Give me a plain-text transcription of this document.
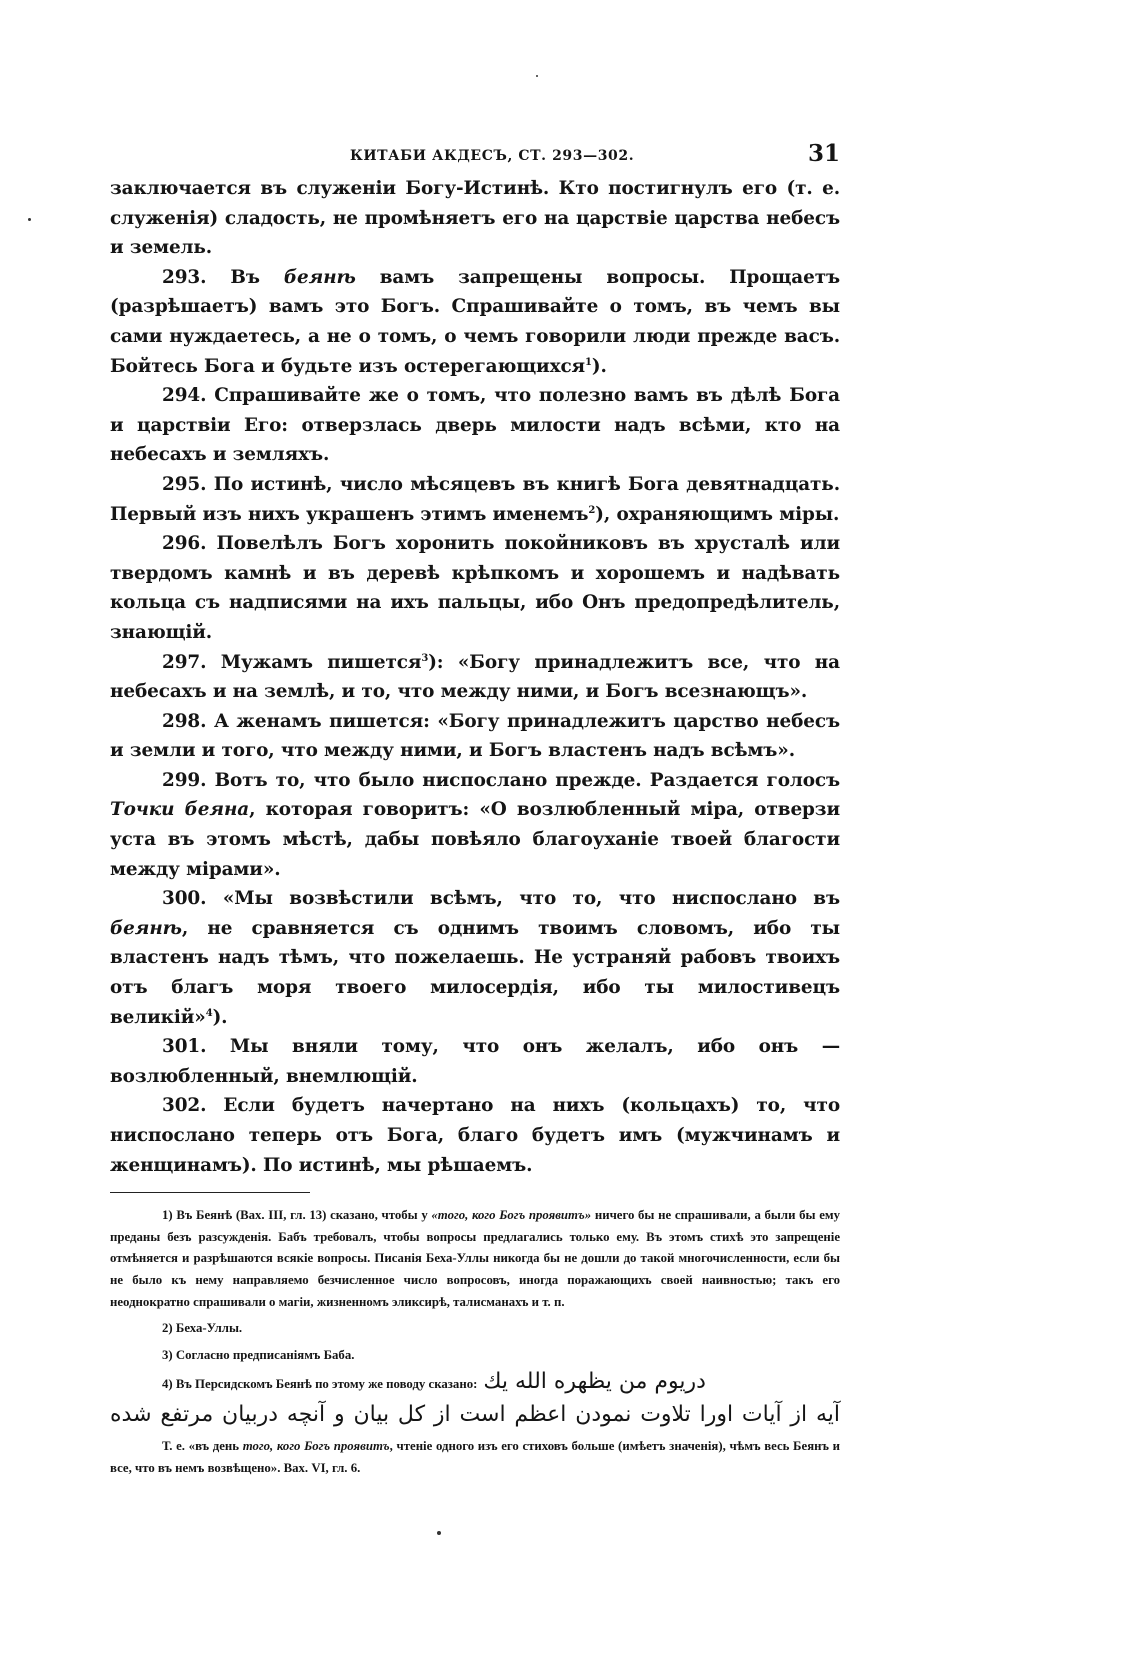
КИТАБИ АКДЕСЪ, СТ. 293—302.	31

заключается въ служенiи Богу-Истинѣ. Кто постигнулъ его (т. е. служенія) сладость, не промѣняетъ его на царствіе царства небесъ и земель.

293. Въ беянѣ вамъ запрещены вопросы. Прощаетъ (разрѣшаетъ) вамъ это Богъ. Спрашивайте о томъ, въ чемъ вы сами нуждаетесь, а не о томъ, о чемъ говорили люди прежде васъ. Бойтесь Бога и будьте изъ остерегающихся$^1$).

294. Спрашивайте же о томъ, что полезно вамъ въ дѣлѣ Бога и царствіи Его: отверзлась дверь милости надъ всѣми, кто на небесахъ и земляхъ.

295. По истинѣ, число мѣсяцевъ въ книгѣ Бога девятнадцать. Первый изъ нихъ украшенъ этимъ именемъ$^2$), охраняющимъ міры.

296. Повелѣлъ Богъ хоронить покойниковъ въ хрусталѣ или твердомъ камнѣ и въ деревѣ крѣпкомъ и хорошемъ и надѣвать кольца съ надписями на ихъ пальцы, ибо Онъ предопредѣлитель, знающій.

297. Мужамъ пишется$^3$): «Богу принадлежитъ все, что на небесахъ и на землѣ, и то, что между ними, и Богъ всезнающъ».

298. А женамъ пишется: «Богу принадлежитъ царство небесъ и земли и того, что между ними, и Богъ властенъ надъ всѣмъ».

299. Вотъ то, что было ниспослано прежде. Раздается голосъ Точки беяна, которая говоритъ: «О возлюбленный міра, отверзи уста въ этомъ мѣстѣ, дабы повѣяло благоуханіе твоей благости между мірами».

300. «Мы возвѣстили всѣмъ, что то, что ниспослано въ беянѣ, не сравняется съ однимъ твоимъ словомъ, ибо ты властенъ надъ тѣмъ, что пожелаешь. Не устраняй рабовъ твоихъ отъ благъ моря твоего милосердія, ибо ты милостивецъ великій»$^4$).

301. Мы вняли тому, что онъ желалъ, ибо онъ — возлюбленный, внемлющій.

302. Если будетъ начертано на нихъ (кольцахъ) то, что ниспослано теперь отъ Бога, благо будетъ имъ (мужчинамъ и женщинамъ). По истинѣ, мы рѣшаемъ.

1) Въ Беянѣ (Вах. III, гл. 13) сказано, чтобы у «того, кого Богъ проявитъ» ничего бы не спрашивали, а были бы ему преданы безъ разсужденія. Бабъ требовалъ, чтобы вопросы предлагались только ему. Въ этомъ стихѣ это запрещеніе отмѣняется и разрѣшаются всякіе вопросы. Писанія Беха-Уллы никогда бы не дошли до такой многочисленности, если бы не было къ нему направляемо безчисленное число вопросовъ, иногда поражающихъ своей наивностью; такъ его неоднократно спрашивали о магіи, жизненномъ эликсирѣ, талисманахъ и т. п.

2) Беха-Уллы.

3) Согласно предписаніямъ Баба.

4) Въ Персидскомъ Беянѣ по этому же поводу сказано: دريوم من يظهره الله يك

آيه از آيات اورا تلاوت نمودن اعظم است از كل بيان و آنچه دربيان مرتفع شده

Т. е. «въ день того, кого Богъ проявитъ, чтеніе одного изъ его стиховъ больше (имѣетъ значенія), чѣмъ весь Беянъ и все, что въ немъ возвѣщено». Вах. VI, гл. 6.
